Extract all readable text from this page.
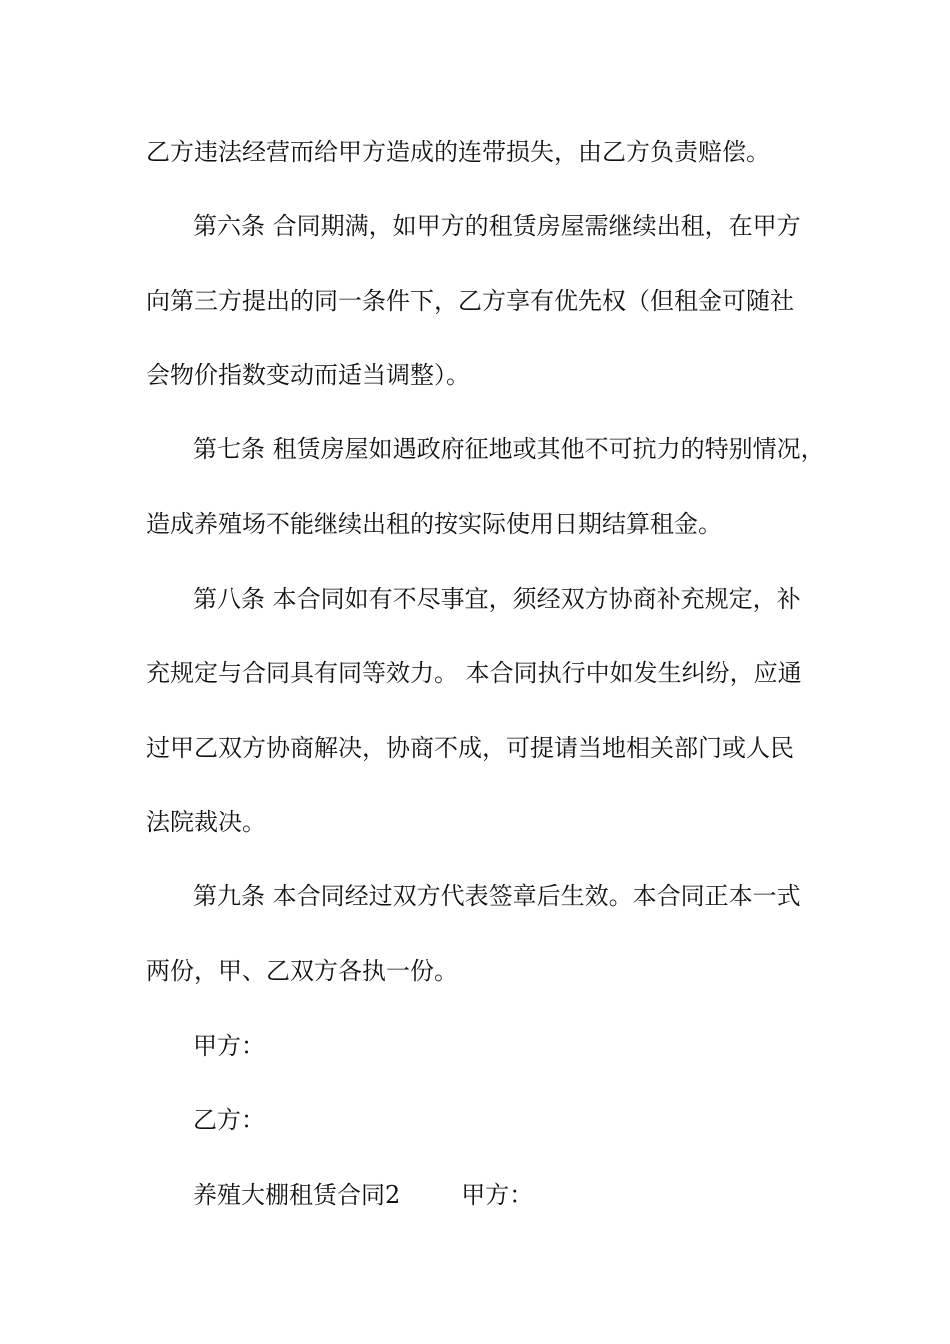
乙方违法经营而给甲方造成的连带损失，由乙方负责赔偿。
第六条 合同期满，如甲方的租赁房屋需继续出租，在甲方
向第三方提出的同一条件下，乙方享有优先权（但租金可随社
会物价指数变动而适当调整）。
第七条 租赁房屋如遇政府征地或其他不可抗力的特别情况，
造成养殖场不能继续出租的按实际使用日期结算租金。
第八条 本合同如有不尽事宜，须经双方协商补充规定，补
充规定与合同具有同等效力。 本合同执行中如发生纠纷，应通
过甲乙双方协商解决，协商不成，可提请当地相关部门或人民
法院裁决。
第九条 本合同经过双方代表签章后生效。本合同正本一式
两份，甲、乙双方各执一份。
甲方：
乙方：
养殖大棚租赁合同2        甲方：
